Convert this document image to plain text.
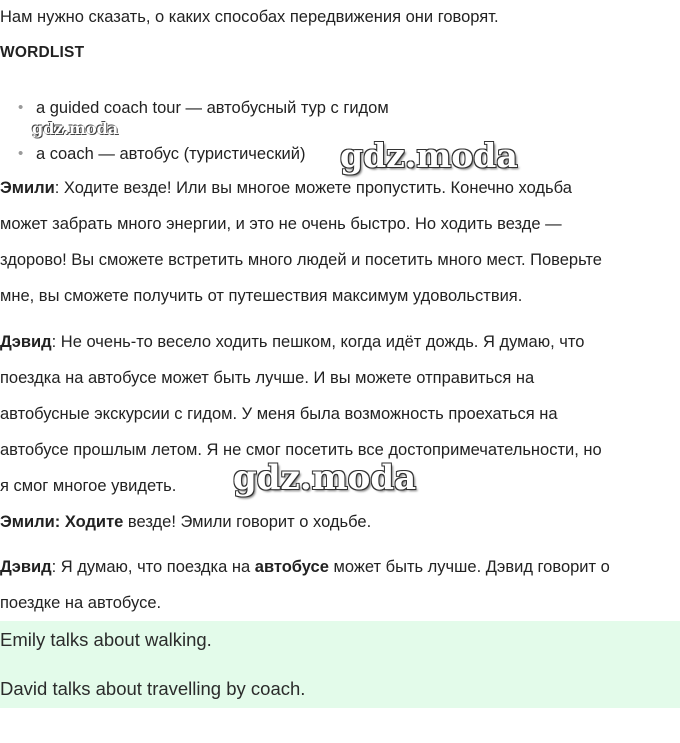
Нам нужно сказать, о каких способах передвижения они говорят.
WORDLIST
• a guided coach tour — автобусный тур с гидом
• a coach — автобус (туристический)
gdz.moda
gdz.moda
Эмили: Ходите везде! Или вы многое можете пропустить. Конечно ходьба
может забрать много энергии, и это не очень быстро. Но ходить везде —
здорово! Вы сможете встретить много людей и посетить много мест. Поверьте
мне, вы сможете получить от путешествия максимум удовольствия.
Дэвид: Не очень-то весело ходить пешком, когда идёт дождь. Я думаю, что
поездка на автобусе может быть лучше. И вы можете отправиться на
автобусные экскурсии с гидом. У меня была возможность проехаться на
автобусе прошлым летом. Я не смог посетить все достопримечательности, но
я смог многое увидеть.	gdz.moda
Эмили: Ходите везде! Эмили говорит о ходьбе.
Дэвид: Я думаю, что поездка на автобусе может быть лучше. Дэвид говорит о
поездке на автобусе.
Emily talks about walking.
David talks about travelling by coach.
